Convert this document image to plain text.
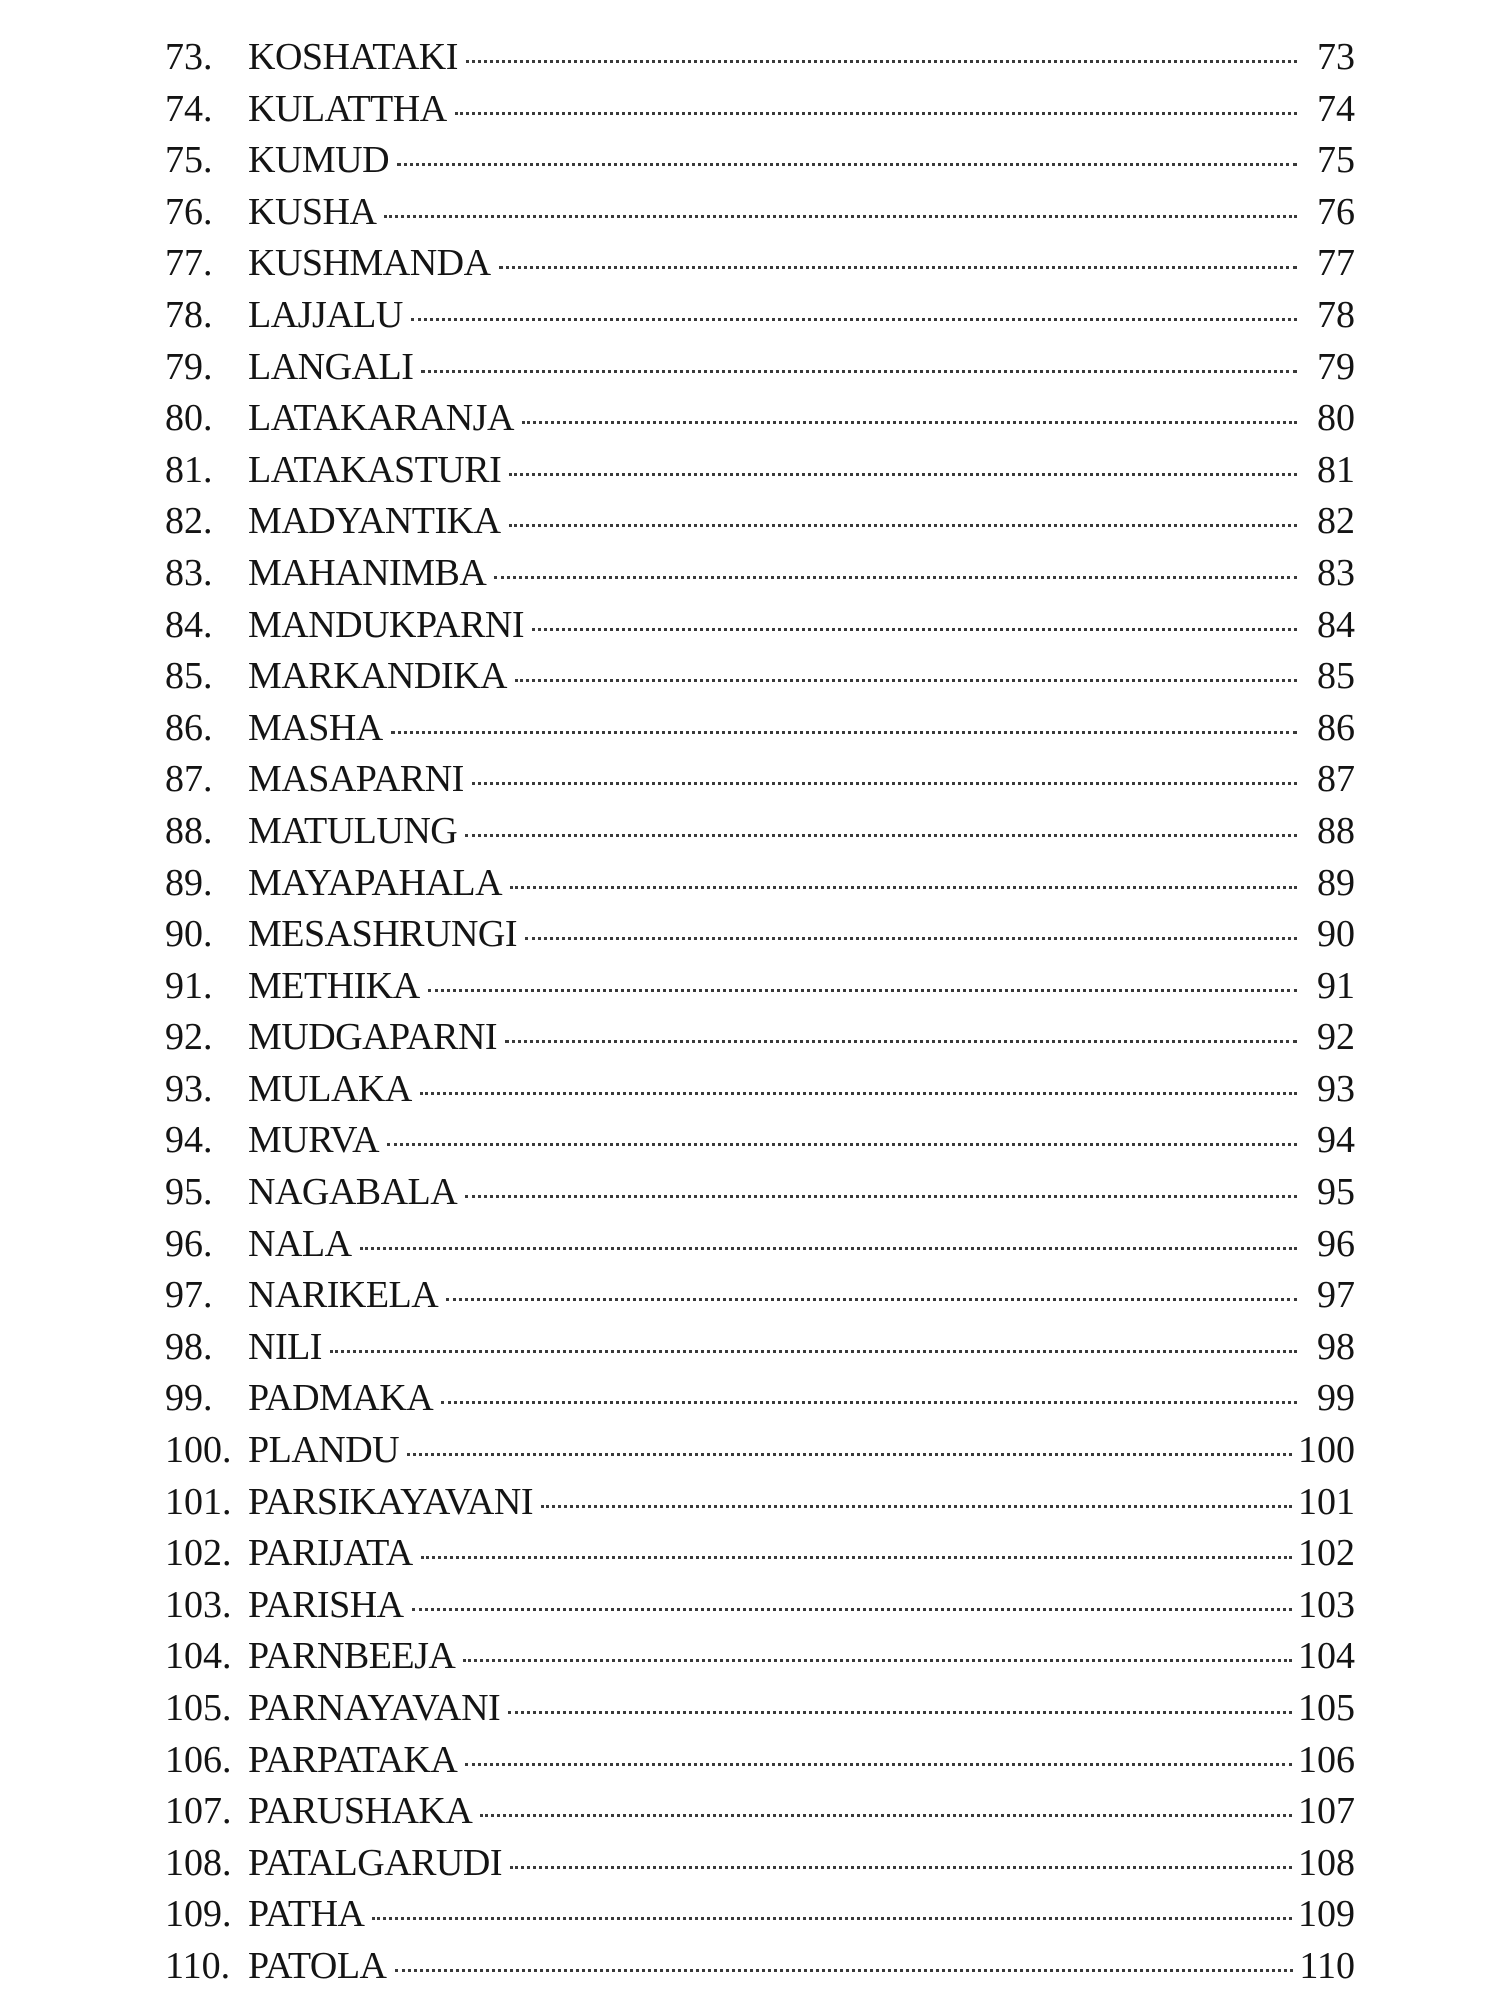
73. KOSHATAKI	73
74. KULATTHA	74
75. KUMUD	75
76. KUSHA	76
77. KUSHMANDA	77
78. LAJJALU	78
79. LANGALI	79
80. LATAKARANJA	80
81. LATAKASTURI	81
82. MADYANTIKA	82
83. MAHANIMBA	83
84. MANDUKPARNI	84
85. MARKANDIKA	85
86. MASHA	86
87. MASAPARNI	87
88. MATULUNG	88
89. MAYAPAHALA	89
90. MESASHRUNGI	90
91. METHIKA	91
92. MUDGAPARNI	92
93. MULAKA	93
94. MURVA	94
95. NAGABALA	95
96. NALA	96
97. NARIKELA	97
98. NILI	98
99. PADMAKA	99
100. PLANDU	100
101. PARSIKAYAVANI	101
102. PARIJATA	102
103. PARISHA	103
104. PARNBEEJA	104
105. PARNAYAVANI	105
106. PARPATAKA	106
107. PARUSHAKA	107
108. PATALGARUDI	108
109. PATHA	109
110. PATOLA	110
